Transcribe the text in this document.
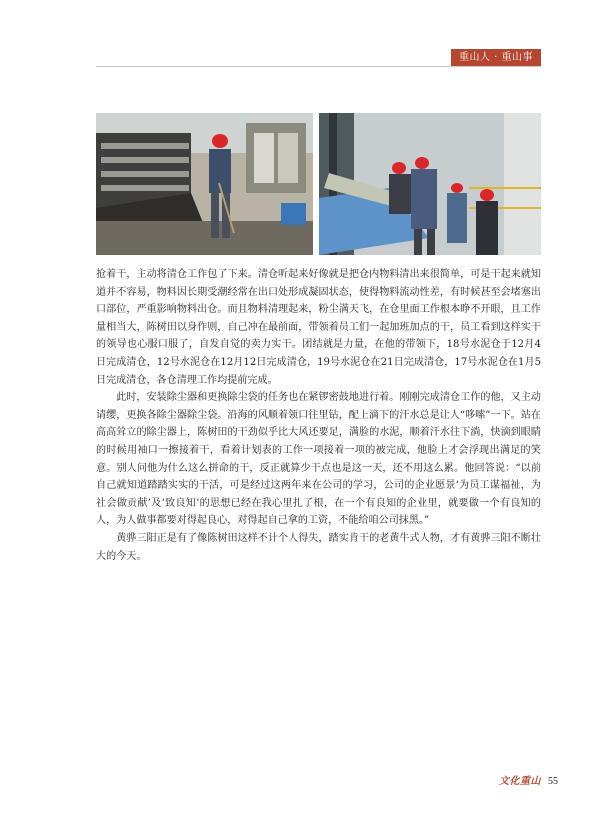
重山人 · 重山事

抢着干，主动将清仓工作包了下来。清仓听起来好像就是把仓内物料清出来很简单，可是干起来就知道并不容易，物料因长期受潮经常在出口处形成凝固状态，使得物料流动性差，有时候甚至会堵塞出口部位，严重影响物料出仓。而且物料清理起来，粉尘满天飞，在仓里面工作根本睁不开眼，且工作量相当大，陈树田以身作则，自己冲在最前面，带领着员工们一起加班加点的干，员工看到这样实干的领导也心服口服了，自发自觉的卖力实干。团结就是力量，在他的带领下，18号水泥仓于12月4日完成清仓，12号水泥仓在12月12日完成清仓，19号水泥仓在21日完成清仓，17号水泥仓在1月5日完成清仓，各仓清理工作均提前完成。

此时，安装除尘器和更换除尘袋的任务也在紧锣密鼓地进行着。刚刚完成清仓工作的他，又主动请缨，更换各除尘器除尘袋。沿海的风顺着领口往里钻，配上滴下的汗水总是让人“哆嗦”一下。站在高高耸立的除尘器上，陈树田的干劲似乎比大风还要足，满脸的水泥，顺着汗水往下淌，快滴到眼睛的时候用袖口一擦接着干，看着计划表的工作一项接着一项的被完成，他脸上才会浮现出满足的笑意。别人问他为什么这么拼命的干，反正就算少干点也是这一天，还不用这么累。他回答说：“以前自己就知道踏踏实实的干活，可是经过这两年来在公司的学习，公司的企业愿景‘为员工谋福祉，为社会做贡献’及‘致良知’的思想已经在我心里扎了根，在一个有良知的企业里，就要做一个有良知的人，为人做事都要对得起良心，对得起自己拿的工资，不能给咱公司抹黑。”

黄骅三阳正是有了像陈树田这样不计个人得失，踏实肯干的老黄牛式人物，才有黄骅三阳不断壮大的今天。

文化重山 55
